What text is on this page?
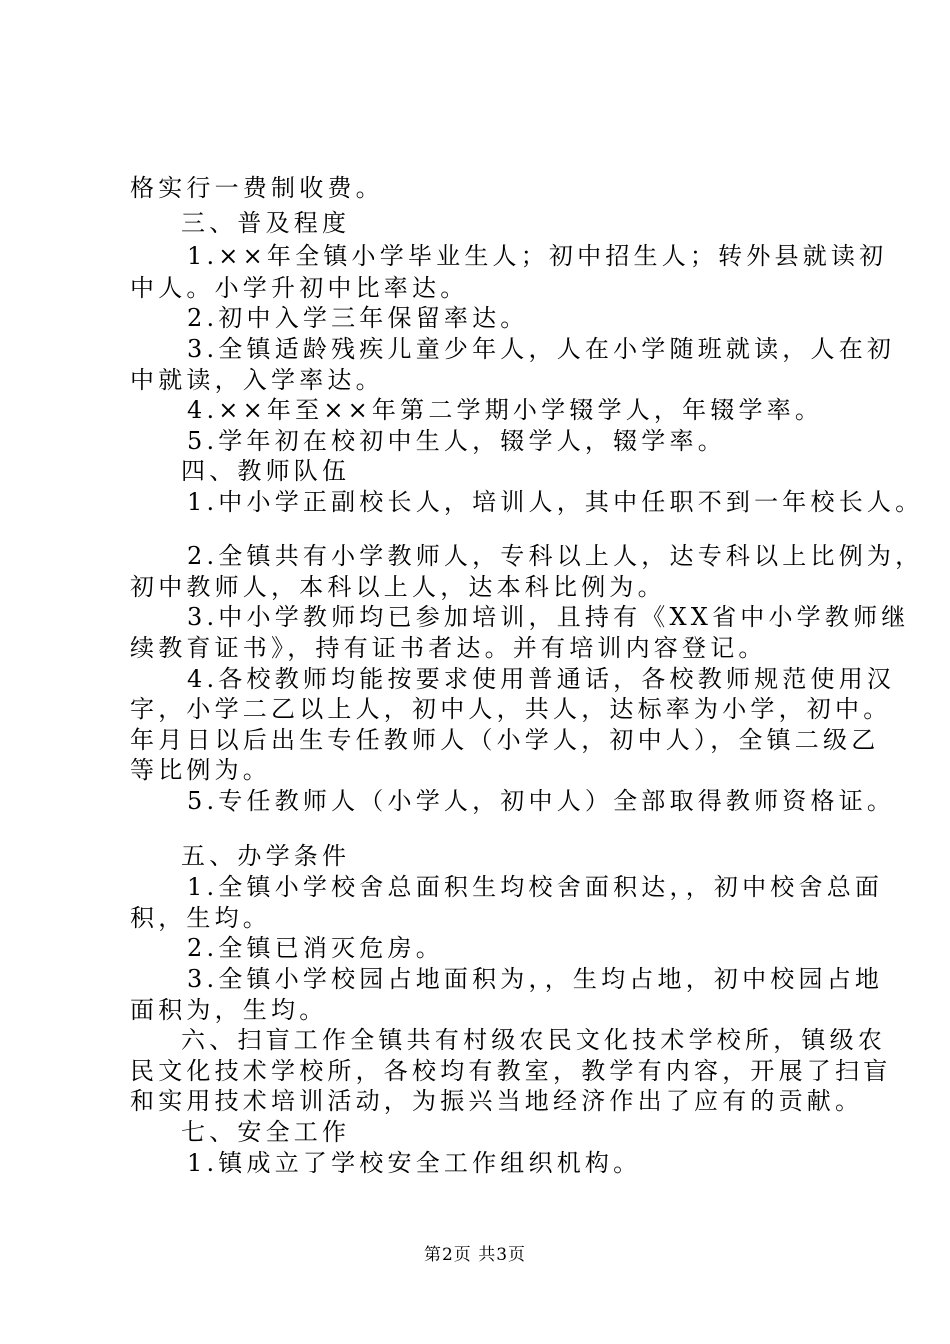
格实行一费制收费。
三、普及程度
1.××年全镇小学毕业生人；初中招生人；转外县就读初
中人。小学升初中比率达。
2.初中入学三年保留率达。
3.全镇适龄残疾儿童少年人，人在小学随班就读，人在初
中就读，入学率达。
4.××年至××年第二学期小学辍学人，年辍学率。
5.学年初在校初中生人，辍学人，辍学率。
四、教师队伍
1.中小学正副校长人，培训人，其中任职不到一年校长人。
2.全镇共有小学教师人，专科以上人，达专科以上比例为，
初中教师人，本科以上人，达本科比例为。
3.中小学教师均已参加培训，且持有《XX省中小学教师继
续教育证书》，持有证书者达。并有培训内容登记。
4.各校教师均能按要求使用普通话，各校教师规范使用汉
字，小学二乙以上人，初中人，共人，达标率为小学，初中。
年月日以后出生专任教师人（小学人，初中人），全镇二级乙
等比例为。
5.专任教师人（小学人，初中人）全部取得教师资格证。
五、办学条件
1.全镇小学校舍总面积生均校舍面积达，，初中校舍总面
积，生均。
2.全镇已消灭危房。
3.全镇小学校园占地面积为，，生均占地，初中校园占地
面积为，生均。
六、扫盲工作全镇共有村级农民文化技术学校所，镇级农
民文化技术学校所，各校均有教室，教学有内容，开展了扫盲
和实用技术培训活动，为振兴当地经济作出了应有的贡献。
七、安全工作
1.镇成立了学校安全工作组织机构。
第2页 共3页
